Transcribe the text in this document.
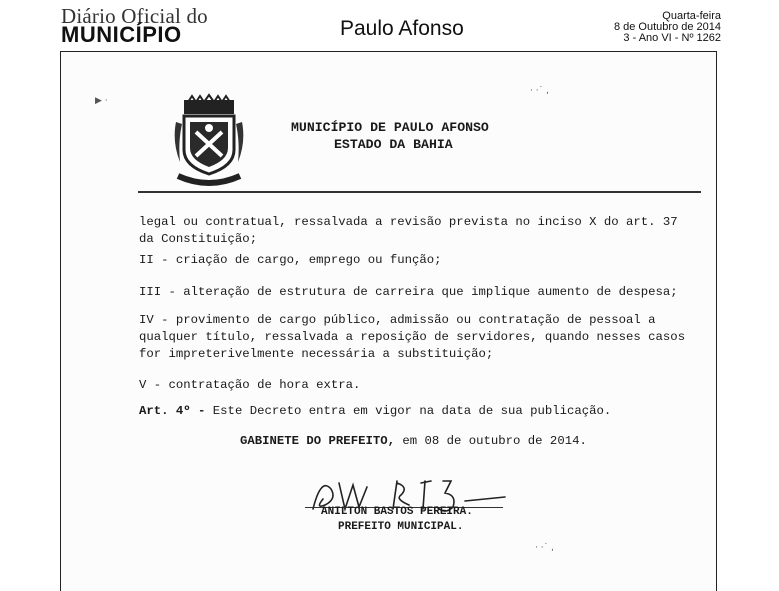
Diário Oficial do
MUNICÍPIO	Paulo Afonso
Quarta-feira
8 de Outubro de 2014
3 - Ano VI - Nº 1262
▶ ·
· ·˙ ‚
· ·˙ ‚
MUNICÍPIO DE PAULO AFONSO
ESTADO DA BAHIA
legal ou contratual, ressalvada a revisão prevista no inciso X do art. 37
da Constituição;
II - criação de cargo, emprego ou função;
III - alteração de estrutura de carreira que implique aumento de despesa;
IV - provimento de cargo público, admissão ou contratação de pessoal a
qualquer título, ressalvada a reposição de servidores, quando nesses casos
for impreterivelmente necessária a substituição;
V - contratação de hora extra.
Art. 4º - Este Decreto entra em vigor na data de sua publicação.
GABINETE DO PREFEITO, em 08 de outubro de 2014.
ANILTON BASTOS PEREIRA.
PREFEITO MUNICIPAL.
